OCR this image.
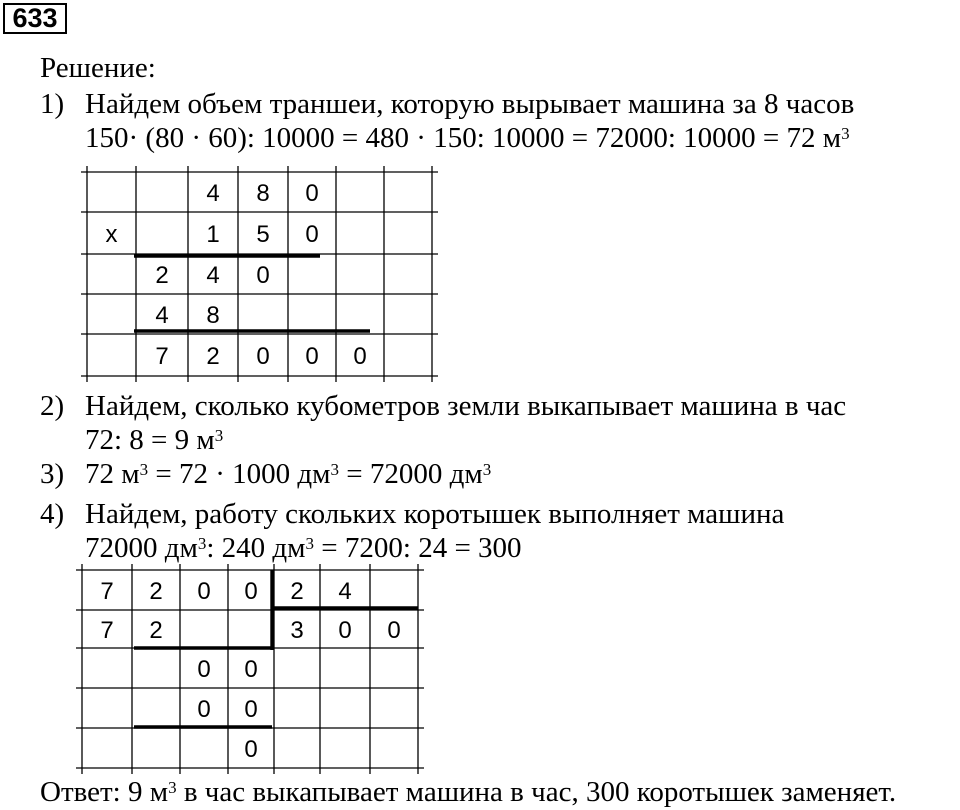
633
Решение:
1) Найдем объем траншеи, которую вырывает машина за 8 часов
150· (80 · 60): 10000 = 480 · 150: 10000 = 72000: 10000 = 72 $м^3$
4 8 0
x	1 5 0
2 4 0
4 8
7 2 0 0 0
2) Найдем, сколько кубометров земли выкапывает машина в час
72: 8 = 9 $м^3$
3) 72 $м^3 = 72 \cdot 1000$ $дм^3 = 72000$ $дм^3$
4) Найдем, работу скольких коротышек выполняет машина
72000 $дм^3$: 240 $дм^3 = 7200$: 24 = 300
7 2 0 0 2 4
7 2	3 0 0
0 0
0 0
0
Ответ: 9 $м^3$ в час выкапывает машина в час, 300 коротышек заменяет.
